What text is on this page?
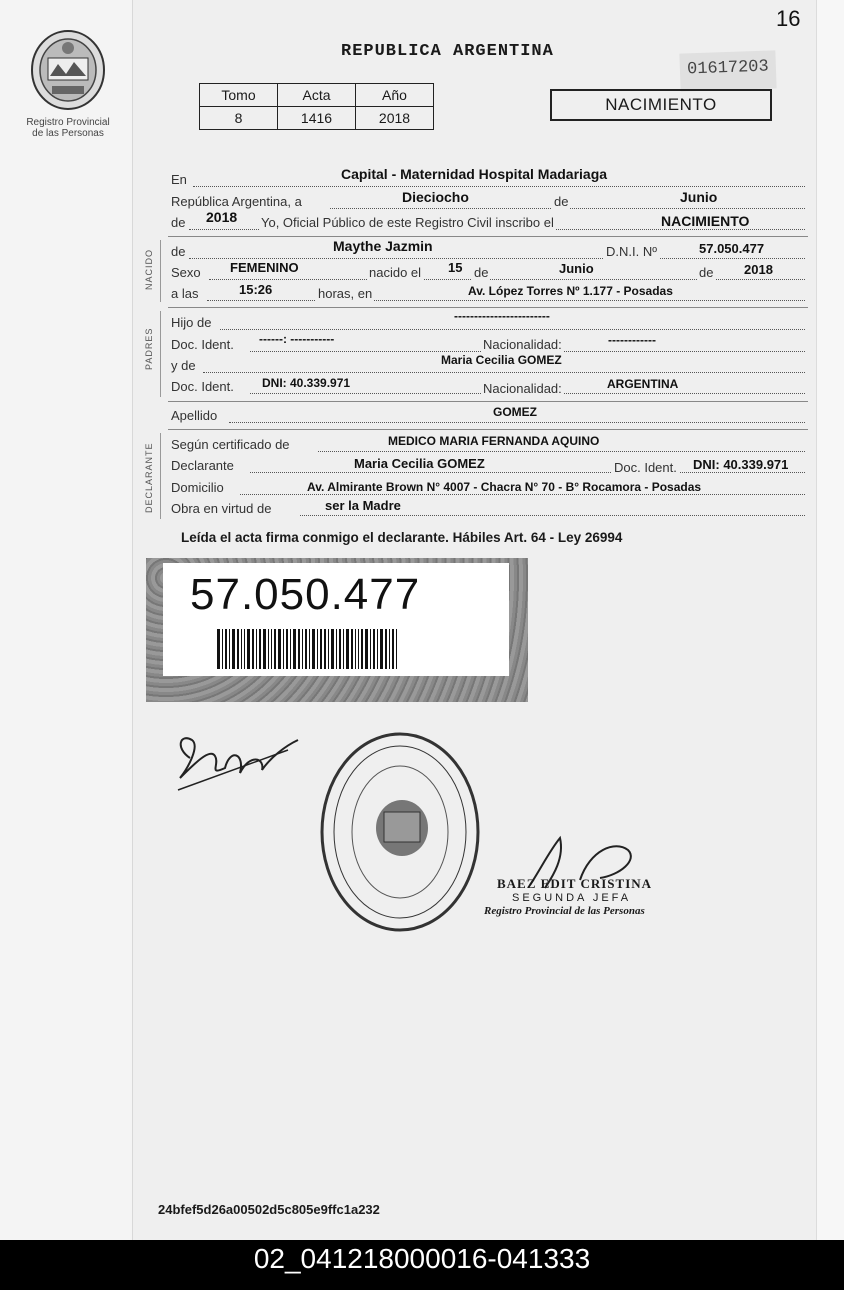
16
Registro Provincial
de las Personas
REPUBLICA ARGENTINA
01617203
Tomo	Acta	Año
8	1416	2018
NACIMIENTO
En	Capital - Maternidad Hospital Madariaga
República Argentina, a	Dieciocho	de	Junio
de 2018 Yo, Oficial Público de este Registro Civil inscribo el	NACIMIENTO
NACIDO de	Maythe Jazmin	D.N.I. Nº	57.050.477
Sexo FEMENINO	nacido el 15 de	Junio	de 2018
a las	15:26	horas, en	Av. López Torres Nº 1.177 - Posadas
PADRES
Hijo de	------------------------
Doc. Ident. ------: -----------	Nacionalidad:	------------
y de	Maria Cecilia GOMEZ
Doc. Ident. DNI: 40.339.971	Nacionalidad:	ARGENTINA
Apellido	GOMEZ
DECLARANTE Según certificado de	MEDICO MARIA FERNANDA AQUINO
Declarante	Maria Cecilia GOMEZ	Doc. Ident. DNI: 40.339.971
Domicilio	Av. Almirante Brown N° 4007 - Chacra N° 70 - B° Rocamora - Posadas
Obra en virtud de	ser la Madre
Leída el acta firma conmigo el declarante. Hábiles Art. 64 - Ley 26994
57.050.477
BAEZ EDIT CRISTINA
SEGUNDA JEFA
Registro Provincial de las Personas
24bfef5d26a00502d5c805e9ffc1a232
02_041218000016-041333
